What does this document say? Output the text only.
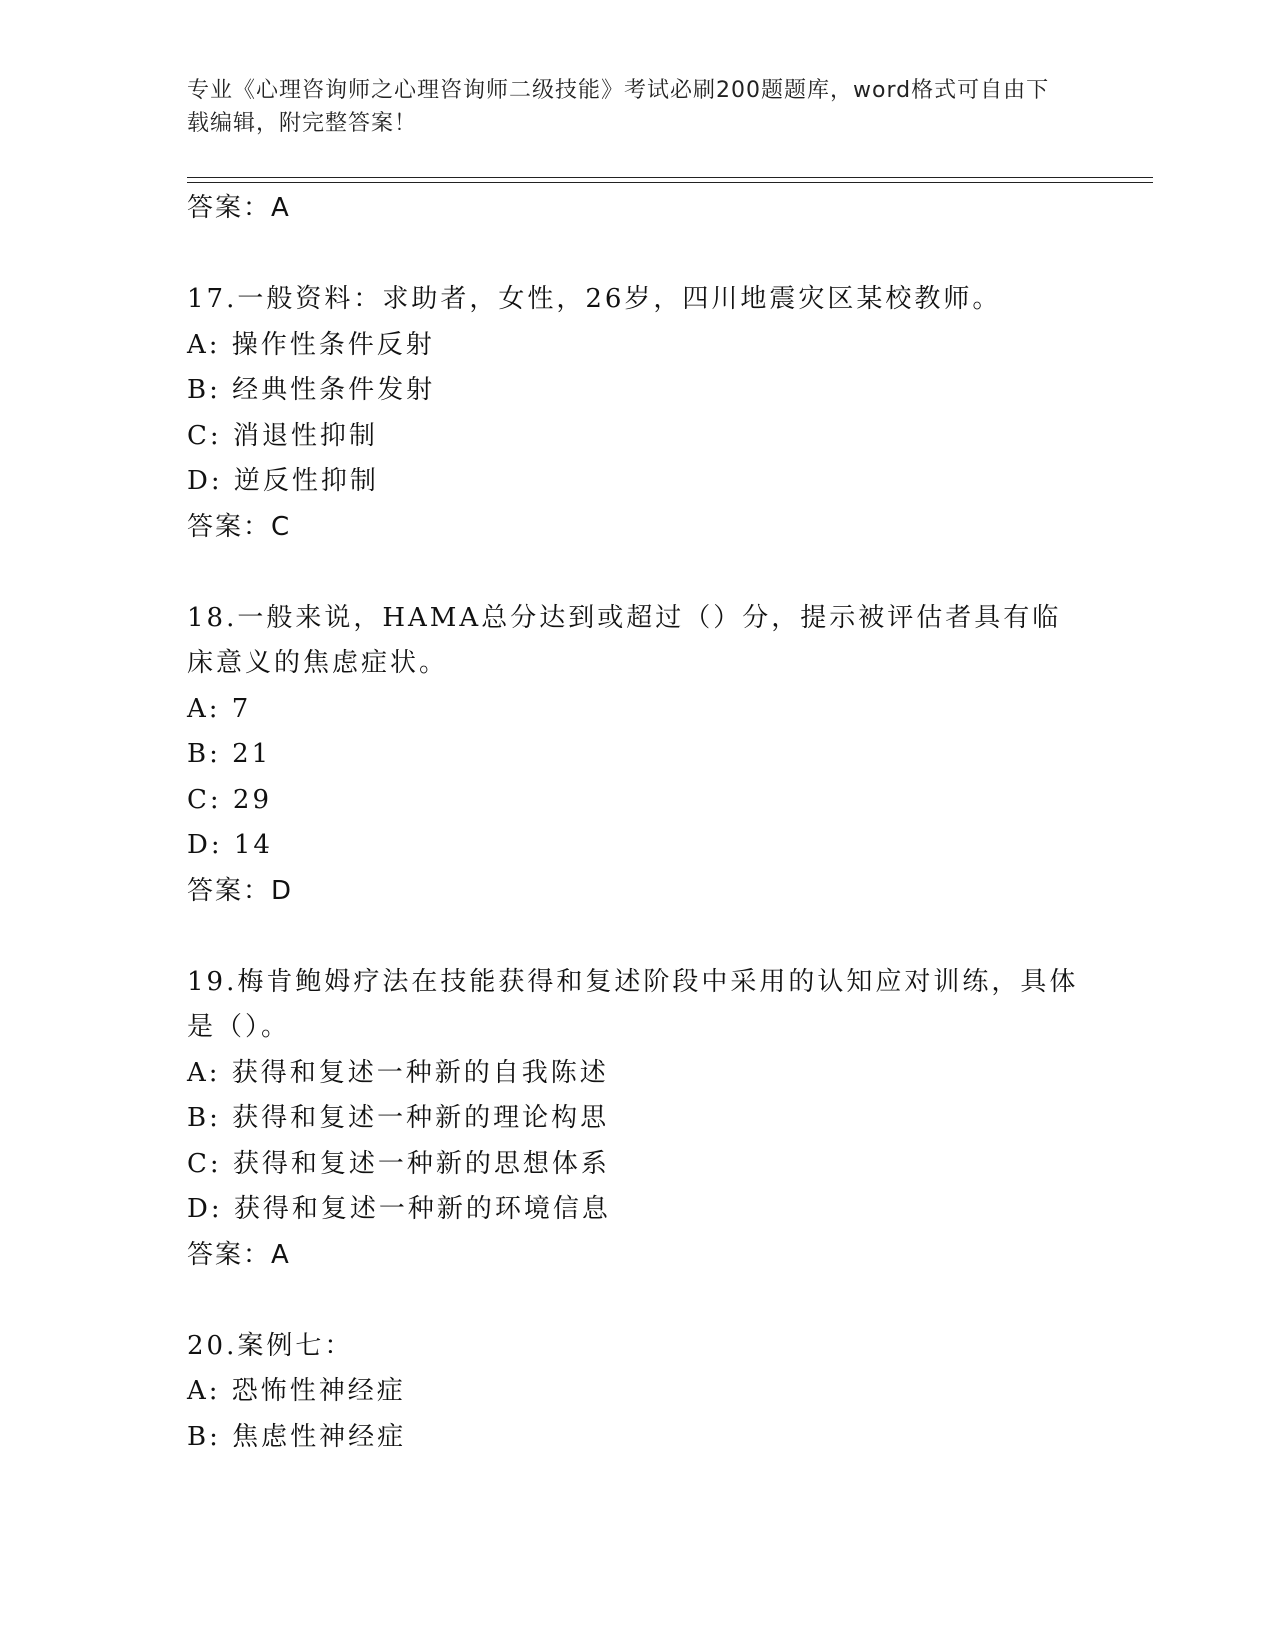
专业《心理咨询师之心理咨询师二级技能》考试必刷200题题库，word格式可自由下载编辑，附完整答案！
答案：A
17.一般资料：求助者，女性，26岁，四川地震灾区某校教师。
A: 操作性条件反射
B: 经典性条件发射
C: 消退性抑制
D: 逆反性抑制
答案：C
18.一般来说，HAMA总分达到或超过（）分，提示被评估者具有临床意义的焦虑症状。
A: 7
B: 21
C: 29
D: 14
答案：D
19.梅肯鲍姆疗法在技能获得和复述阶段中采用的认知应对训练，具体是（）。
A: 获得和复述一种新的自我陈述
B: 获得和复述一种新的理论构思
C: 获得和复述一种新的思想体系
D: 获得和复述一种新的环境信息
答案：A
20.案例七：
A: 恐怖性神经症
B: 焦虑性神经症
